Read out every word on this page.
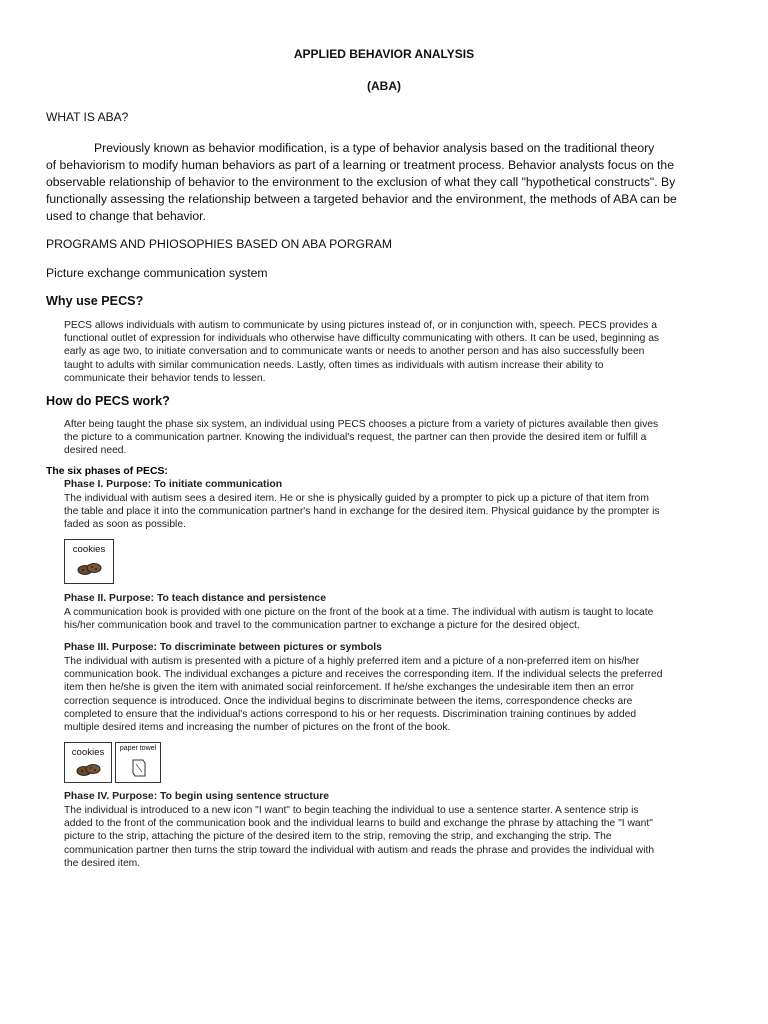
APPLIED BEHAVIOR ANALYSIS
(ABA)
WHAT IS ABA?

Previously known as behavior modification, is a type of behavior analysis based on the traditional theory

of behaviorism to modify human behaviors as part of a learning or treatment process. Behavior analysts focus on the

observable relationship of behavior to the environment to the exclusion of what they call "hypothetical constructs". By

functionally assessing the relationship between a targeted behavior and the environment, the methods of ABA can be

used to change that behavior.

PROGRAMS AND PHIOSOPHIES BASED ON ABA PORGRAM
Picture exchange communication system
Why use PECS?
PECS allows individuals with autism to communicate by using pictures instead of, or in conjunction with, speech. PECS provides a
functional outlet of expression for individuals who otherwise have difficulty communicating with others. It can be used, beginning as
early as age two, to initiate conversation and to communicate wants or needs to another person and has also successfully been
taught to adults with similar communication needs. Lastly, often times as individuals with autism increase their ability to
communicate their behavior tends to lessen.
How do PECS work?
After being taught the phase six system, an individual using PECS chooses a picture from a variety of pictures available then gives
the picture to a communication partner. Knowing the individual's request, the partner can then provide the desired item or fulfill a
desired need.
The six phases of PECS:
Phase I. Purpose: To initiate communication
The individual with autism sees a desired item. He or she is physically guided by a prompter to pick up a picture of that item from
the table and place it into the communication partner's hand in exchange for the desired item. Physical guidance by the prompter is
faded as soon as possible.
cookies
Phase II. Purpose: To teach distance and persistence
A communication book is provided with one picture on the front of the book at a time. The individual with autism is taught to locate
his/her communication book and travel to the communication partner to exchange a picture for the desired object.
Phase III. Purpose: To discriminate between pictures or symbols
The individual with autism is presented with a picture of a highly preferred item and a picture of a non-preferred item on his/her
communication book. The individual exchanges a picture and receives the corresponding item. If the individual selects the preferred
item then he/she is given the item with animated social reinforcement. If he/she exchanges the undesirable item then an error
correction sequence is introduced. Once the individual begins to discriminate between the items, correspondence checks are
completed to ensure that the individual's actions correspond to his or her requests. Discrimination training continues by added
multiple desired items and increasing the number of pictures on the front of the book.
cookies	paper towel
Phase IV. Purpose: To begin using sentence structure
The individual is introduced to a new icon "I want" to begin teaching the individual to use a sentence starter. A sentence strip is
added to the front of the communication book and the individual learns to build and exchange the phrase by attaching the "I want"
picture to the strip, attaching the picture of the desired item to the strip, removing the strip, and exchanging the strip. The
communication partner then turns the strip toward the individual with autism and reads the phrase and provides the individual with
the desired item.
